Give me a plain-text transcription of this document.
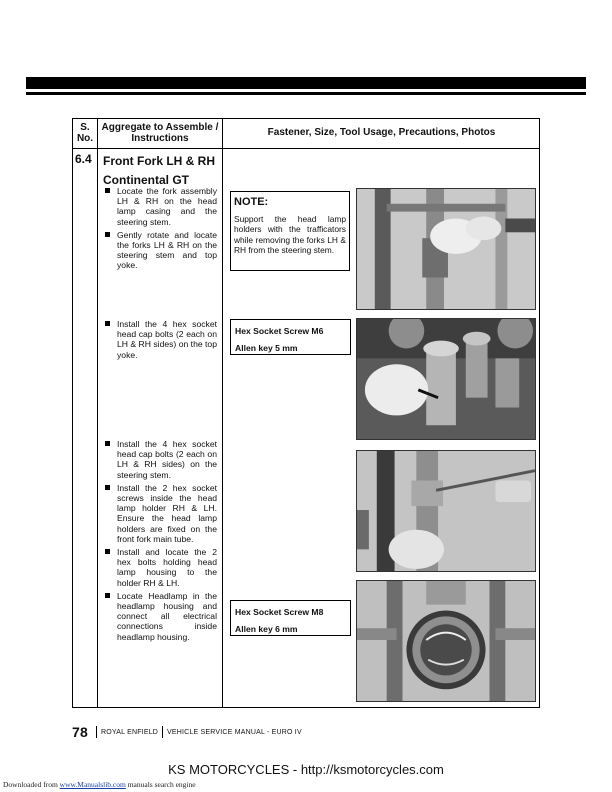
S.
No.
Aggregate to Assemble /
Instructions
Fastener, Size, Tool Usage, Precautions, Photos
6.4 Front Fork LH & RH
Continental GT
Locate the fork assembly LH & RH on the head lamp casing and the steering stem.
Gently rotate and locate the forks LH & RH on the steering stem and top yoke.
Install the 4 hex socket head cap bolts (2 each on LH & RH sides) on the top yoke.
Install the 4 hex socket head cap bolts (2 each on LH & RH sides) on the steering stem.
Install the 2 hex socket screws inside the head lamp holder RH & LH. Ensure the head lamp holders are fixed on the front fork main tube.
Install and locate the 2 hex bolts holding head lamp housing to the holder RH & LH.
Locate Headlamp in the headlamp housing and connect all electrical connections inside headlamp housing.
NOTE:
Support the head lamp holders with the trafficators while removing the forks LH & RH from the steering stem.
Hex Socket Screw M6
Allen key 5 mm
Hex Socket Screw M8
Allen key 6 mm
78 ROYAL ENFIELD VEHICLE SERVICE MANUAL - EURO IV
KS MOTORCYCLES - http://ksmotorcycles.com
Downloaded from www.Manualslib.com manuals search engine
